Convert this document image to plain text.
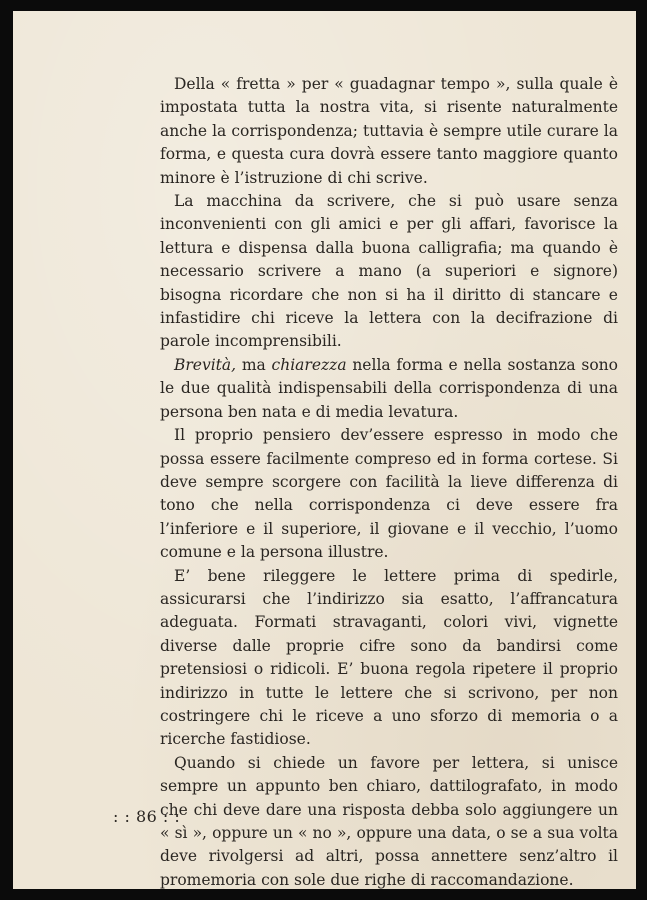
Della « fretta » per « guadagnar tempo », sulla quale è impostata tutta la nostra vita, si risente naturalmente anche la corrispondenza; tuttavia è sempre utile curare la forma, e questa cura dovrà essere tanto maggiore quanto minore è l’istruzione di chi scrive.

La macchina da scrivere, che si può usare senza inconvenienti con gli amici e per gli affari, favorisce la lettura e dispensa dalla buona calligrafia; ma quando è necessario scrivere a mano (a superiori e signore) bisogna ricordare che non si ha il diritto di stancare e infastidire chi riceve la lettera con la decifrazione di parole incomprensibili.

Brevità, ma chiarezza nella forma e nella sostanza sono le due qualità indispensabili della corrispondenza di una persona ben nata e di media levatura.

Il proprio pensiero dev’essere espresso in modo che possa essere facilmente compreso ed in forma cortese. Si deve sempre scorgere con facilità la lieve differenza di tono che nella corrispondenza ci deve essere fra l’inferiore e il superiore, il giovane e il vecchio, l’uomo comune e la persona illustre.

E’ bene rileggere le lettere prima di spedirle, assicurarsi che l’indirizzo sia esatto, l’affrancatura adeguata. Formati stravaganti, colori vivi, vignette diverse dalle proprie cifre sono da bandirsi come pretensiosi o ridicoli. E’ buona regola ripetere il proprio indirizzo in tutte le lettere che si scrivono, per non costringere chi le riceve a uno sforzo di memoria o a ricerche fastidiose.

Quando si chiede un favore per lettera, si unisce sempre un appunto ben chiaro, dattilografato, in modo che chi deve dare una risposta debba solo aggiungere un « sì », oppure un « no », oppure una data, o se a sua volta deve rivolgersi ad altri, possa annettere senz’altro il promemoria con sole due righe di raccomandazione.

: : 86 : :
